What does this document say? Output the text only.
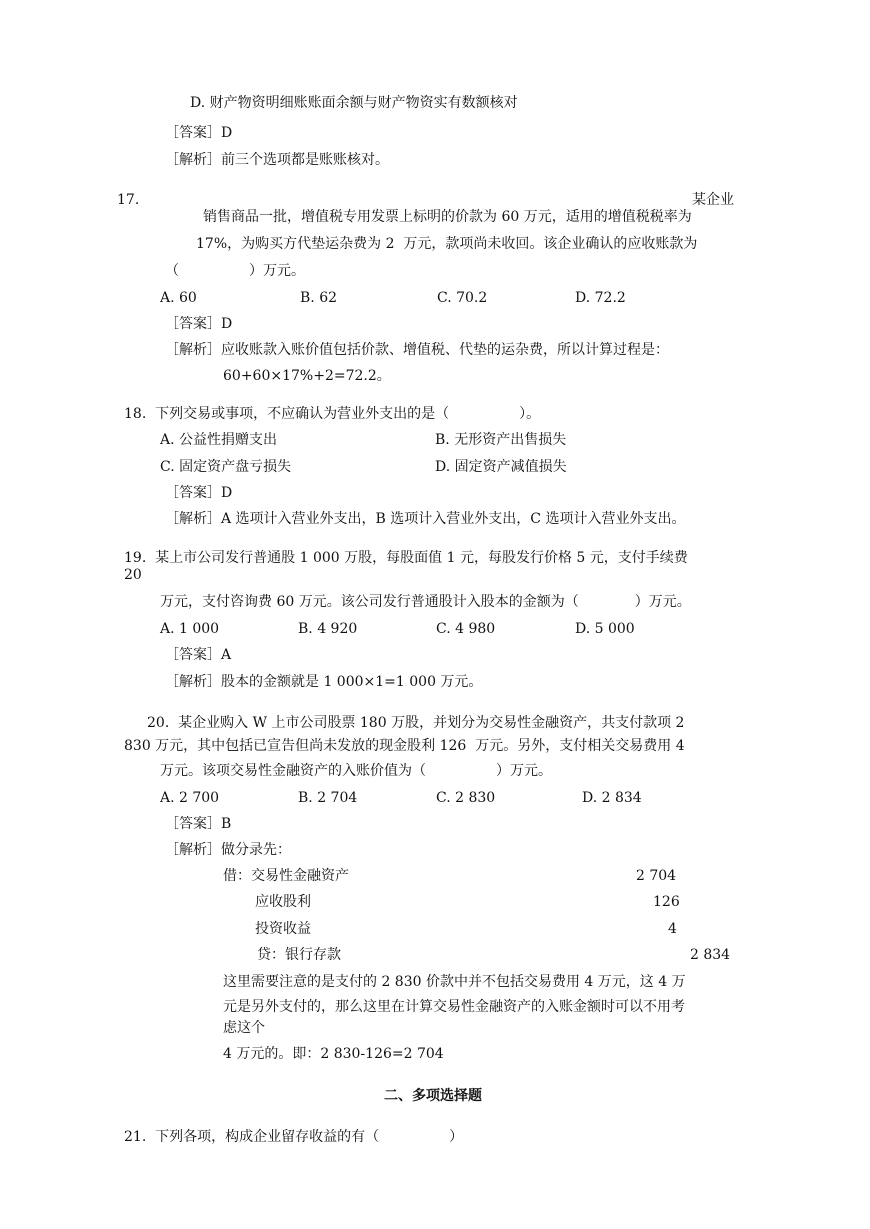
D. 财产物资明细账账面余额与财产物资实有数额核对
［答案］D
［解析］前三个选项都是账账核对。
17.	某企业
销售商品一批，增值税专用发票上标明的价款为 60 万元，适用的增值税税率为
17%，为购买方代垫运杂费为 2  万元，款项尚未收回。该企业确认的应收账款为
（　　　　　）万元。
A. 60	B. 62	C. 70.2	D. 72.2
［答案］D
［解析］应收账款入账价值包括价款、增值税、代垫的运杂费，所以计算过程是：
60+60×17%+2=72.2。
18.  下列交易或事项，不应确认为营业外支出的是（　　　　　）。
A. 公益性捐赠支出	B. 无形资产出售损失
C. 固定资产盘亏损失	D. 固定资产减值损失
［答案］D
［解析］A 选项计入营业外支出，B 选项计入营业外支出，C 选项计入营业外支出。
19.  某上市公司发行普通股 1 000 万股，每股面值 1 元，每股发行价格 5 元，支付手续费
20
万元，支付咨询费 60 万元。该公司发行普通股计入股本的金额为（　　　　）万元。
A. 1 000	B. 4 920	C. 4 980	D. 5 000
［答案］A
［解析］股本的金额就是 1 000×1=1 000 万元。
20.  某企业购入 W 上市公司股票 180 万股，并划分为交易性金融资产，共支付款项 2
830 万元，其中包括已宣告但尚未发放的现金股利 126  万元。另外，支付相关交易费用 4
万元。该项交易性金融资产的入账价值为（　　　　　）万元。
A. 2 700	B. 2 704	C. 2 830	D. 2 834
［答案］B
［解析］做分录先：
借：交易性金融资产	2 704
应收股利	126
投资收益	4
贷：银行存款	2 834
这里需要注意的是支付的 2 830 价款中并不包括交易费用 4 万元，这 4 万
元是另外支付的，那么这里在计算交易性金融资产的入账金额时可以不用考
虑这个
4 万元的。即：2 830-126=2 704
二、多项选择题
21.  下列各项，构成企业留存收益的有（　　　　　）
